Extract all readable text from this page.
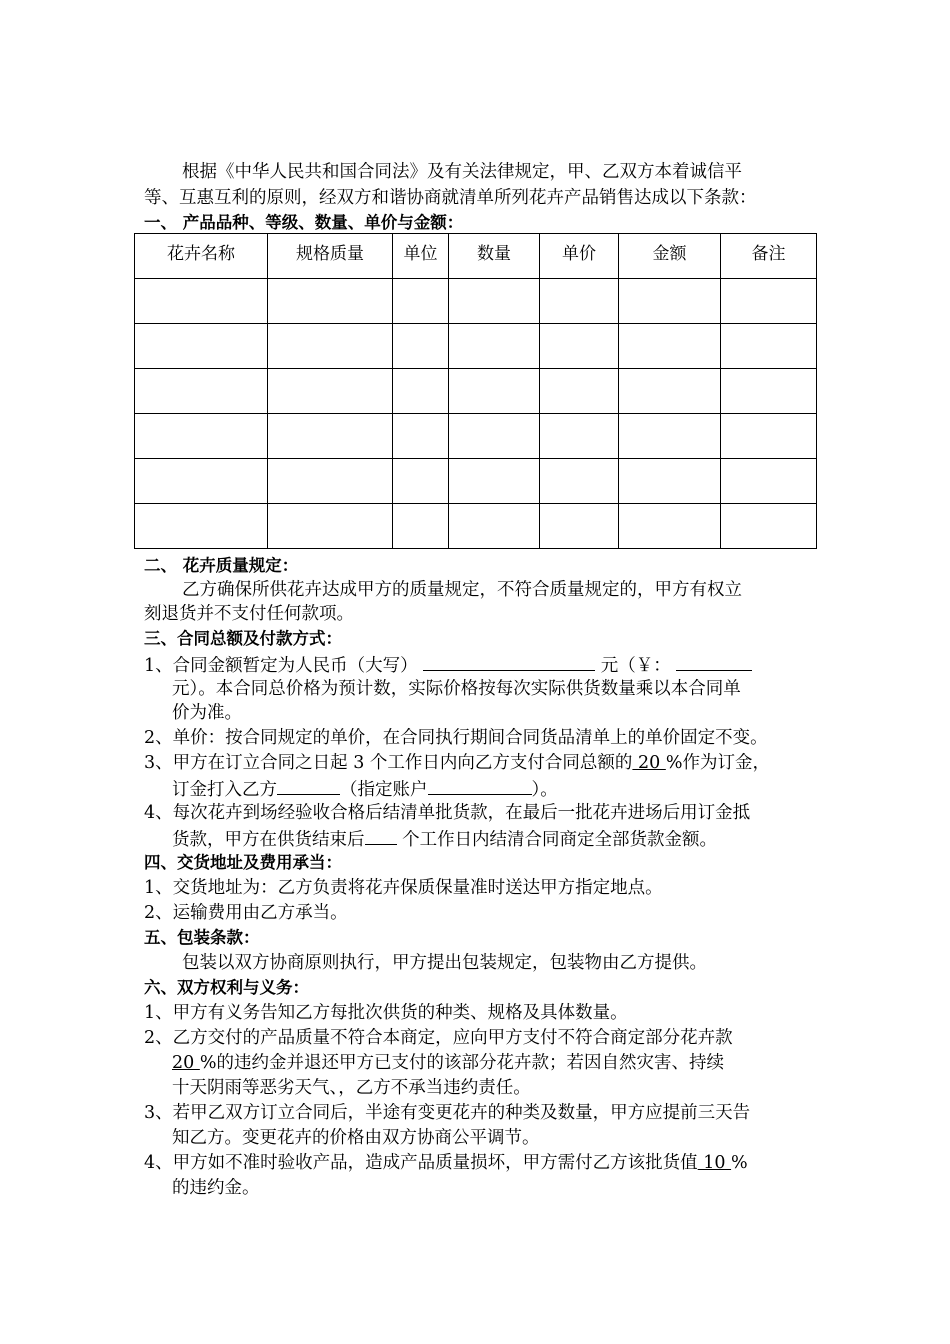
根据《中华人民共和国合同法》及有关法律规定，甲、乙双方本着诚信平
等、互惠互利的原则，经双方和谐协商就清单所列花卉产品销售达成以下条款：
一、 产品品种、等级、数量、单价与金额：
花卉名称	规格质量	单位	数量	单价	金额	备注

二、 花卉质量规定：
乙方确保所供花卉达成甲方的质量规定，不符合质量规定的，甲方有权立
刻退货并不支付任何款项。
三、合同总额及付款方式：
1、合同金额暂定为人民币（大写）	元（￥：
元）。本合同总价格为预计数，实际价格按每次实际供货数量乘以本合同单
价为准。
2、单价：按合同规定的单价，在合同执行期间合同货品清单上的单价固定不变。
3、甲方在订立合同之日起 3 个工作日内向乙方支付合同总额的 20 %作为订金，
订金打入乙方	（指定账户	）。
4、每次花卉到场经验收合格后结清单批货款，在最后一批花卉进场后用订金抵
货款，甲方在供货结束后 个工作日内结清合同商定全部货款金额。
四、交货地址及费用承当：
1、交货地址为：乙方负责将花卉保质保量准时送达甲方指定地点。
2、运输费用由乙方承当。
五、包装条款：
包装以双方协商原则执行，甲方提出包装规定，包装物由乙方提供。
六、双方权利与义务：
1、甲方有义务告知乙方每批次供货的种类、规格及具体数量。
2、乙方交付的产品质量不符合本商定，应向甲方支付不符合商定部分花卉款
20 %的违约金并退还甲方已支付的该部分花卉款；若因自然灾害、持续
十天阴雨等恶劣天气、，乙方不承当违约责任。
3、若甲乙双方订立合同后，半途有变更花卉的种类及数量，甲方应提前三天告
知乙方。变更花卉的价格由双方协商公平调节。
4、甲方如不准时验收产品，造成产品质量损坏，甲方需付乙方该批货值 10 %
的违约金。
